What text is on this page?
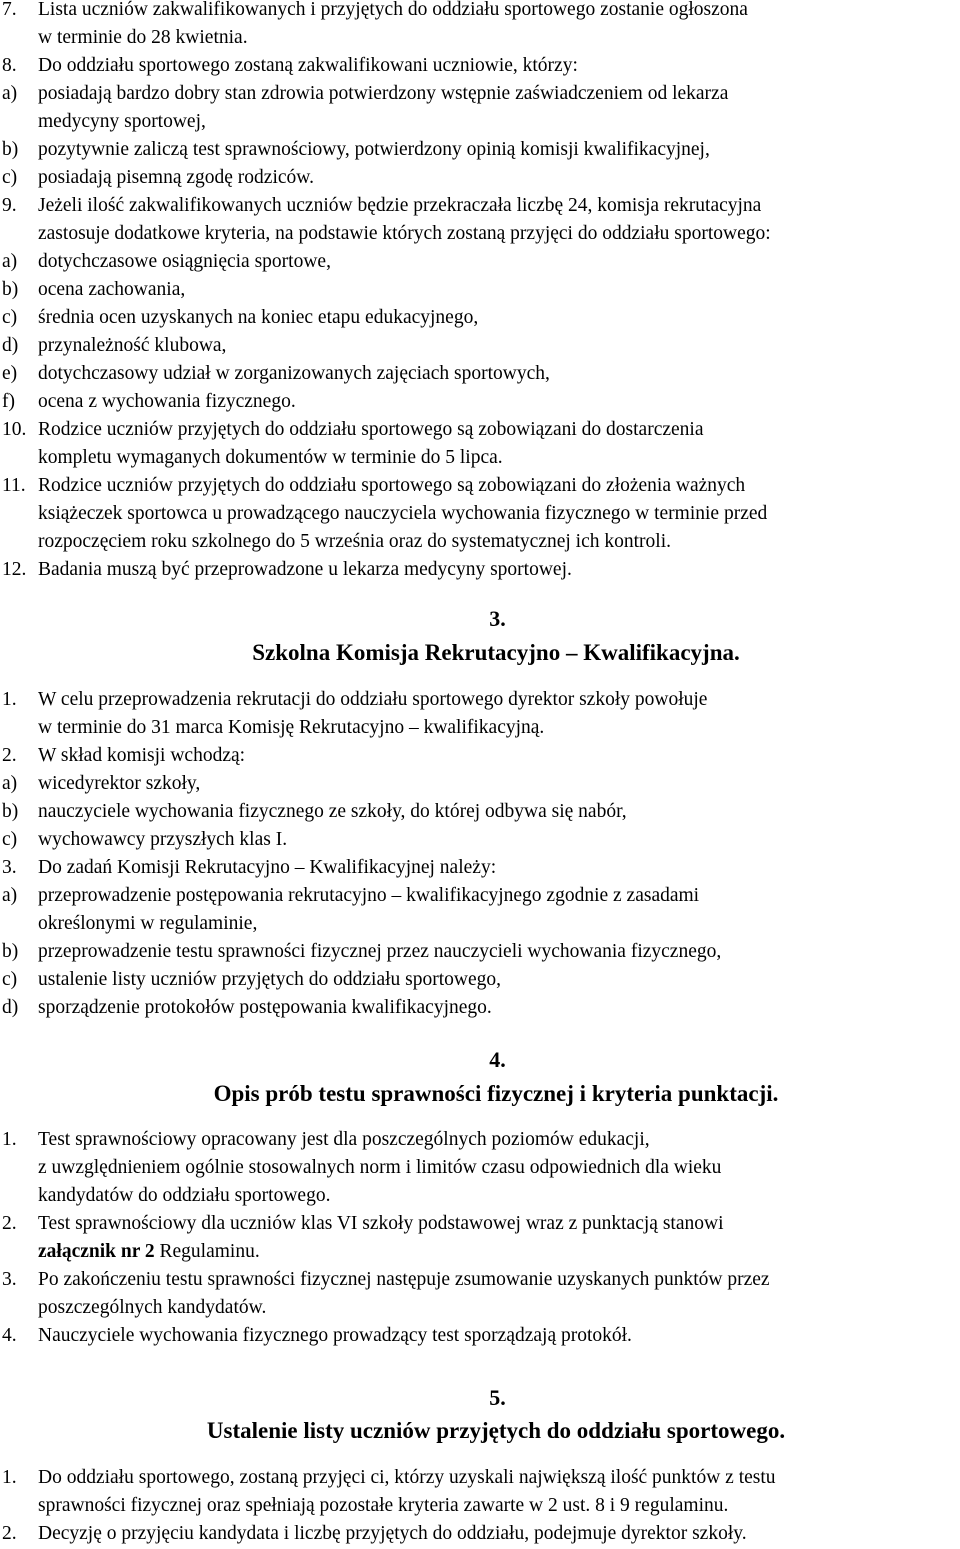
7. Lista uczniów zakwalifikowanych i przyjętych do oddziału sportowego zostanie ogłoszona
w terminie do 28 kwietnia.
8. Do oddziału sportowego zostaną zakwalifikowani uczniowie, którzy:
a) posiadają bardzo dobry stan zdrowia potwierdzony wstępnie zaświadczeniem od lekarza
medycyny sportowej,
b) pozytywnie zaliczą test sprawnościowy, potwierdzony opinią komisji kwalifikacyjnej,
c) posiadają pisemną zgodę rodziców.
9. Jeżeli ilość zakwalifikowanych uczniów będzie przekraczała liczbę 24, komisja rekrutacyjna
zastosuje dodatkowe kryteria, na podstawie których zostaną przyjęci do oddziału sportowego:
a) dotychczasowe osiągnięcia sportowe,
b) ocena zachowania,
c) średnia ocen uzyskanych na koniec etapu edukacyjnego,
d) przynależność klubowa,
e) dotychczasowy udział w zorganizowanych zajęciach sportowych,
f) ocena z wychowania fizycznego.
10. Rodzice uczniów przyjętych do oddziału sportowego są zobowiązani do dostarczenia
kompletu wymaganych dokumentów w terminie do 5 lipca.
11. Rodzice uczniów przyjętych do oddziału sportowego są zobowiązani do złożenia ważnych
książeczek sportowca u prowadzącego nauczyciela wychowania fizycznego w terminie przed
rozpoczęciem roku szkolnego do 5 września oraz do systematycznej ich kontroli.
12. Badania muszą być przeprowadzone u lekarza medycyny sportowej.
3.
Szkolna Komisja Rekrutacyjno – Kwalifikacyjna.
1. W celu przeprowadzenia rekrutacji do oddziału sportowego dyrektor szkoły powołuje
w terminie do 31 marca Komisję Rekrutacyjno – kwalifikacyjną.
2. W skład komisji wchodzą:
a) wicedyrektor szkoły,
b) nauczyciele wychowania fizycznego ze szkoły, do której odbywa się nabór,
c) wychowawcy przyszłych klas I.
3. Do zadań Komisji Rekrutacyjno – Kwalifikacyjnej należy:
a) przeprowadzenie postępowania rekrutacyjno – kwalifikacyjnego zgodnie z zasadami
określonymi w regulaminie,
b) przeprowadzenie testu sprawności fizycznej przez nauczycieli wychowania fizycznego,
c) ustalenie listy uczniów przyjętych do oddziału sportowego,
d) sporządzenie protokołów postępowania kwalifikacyjnego.
4.
Opis prób testu sprawności fizycznej i kryteria punktacji.
1. Test sprawnościowy opracowany jest dla poszczególnych poziomów edukacji,
z uwzględnieniem ogólnie stosowalnych norm i limitów czasu odpowiednich dla wieku
kandydatów do oddziału sportowego.
2. Test sprawnościowy dla uczniów klas VI szkoły podstawowej wraz z punktacją stanowi
załącznik nr 2 Regulaminu.
3. Po zakończeniu testu sprawności fizycznej następuje zsumowanie uzyskanych punktów przez
poszczególnych kandydatów.
4. Nauczyciele wychowania fizycznego prowadzący test sporządzają protokół.
5.
Ustalenie listy uczniów przyjętych do oddziału sportowego.
1. Do oddziału sportowego, zostaną przyjęci ci, którzy uzyskali największą ilość punktów z testu
sprawności fizycznej oraz spełniają pozostałe kryteria zawarte w 2 ust. 8 i 9 regulaminu.
2. Decyzję o przyjęciu kandydata i liczbę przyjętych do oddziału, podejmuje dyrektor szkoły.
